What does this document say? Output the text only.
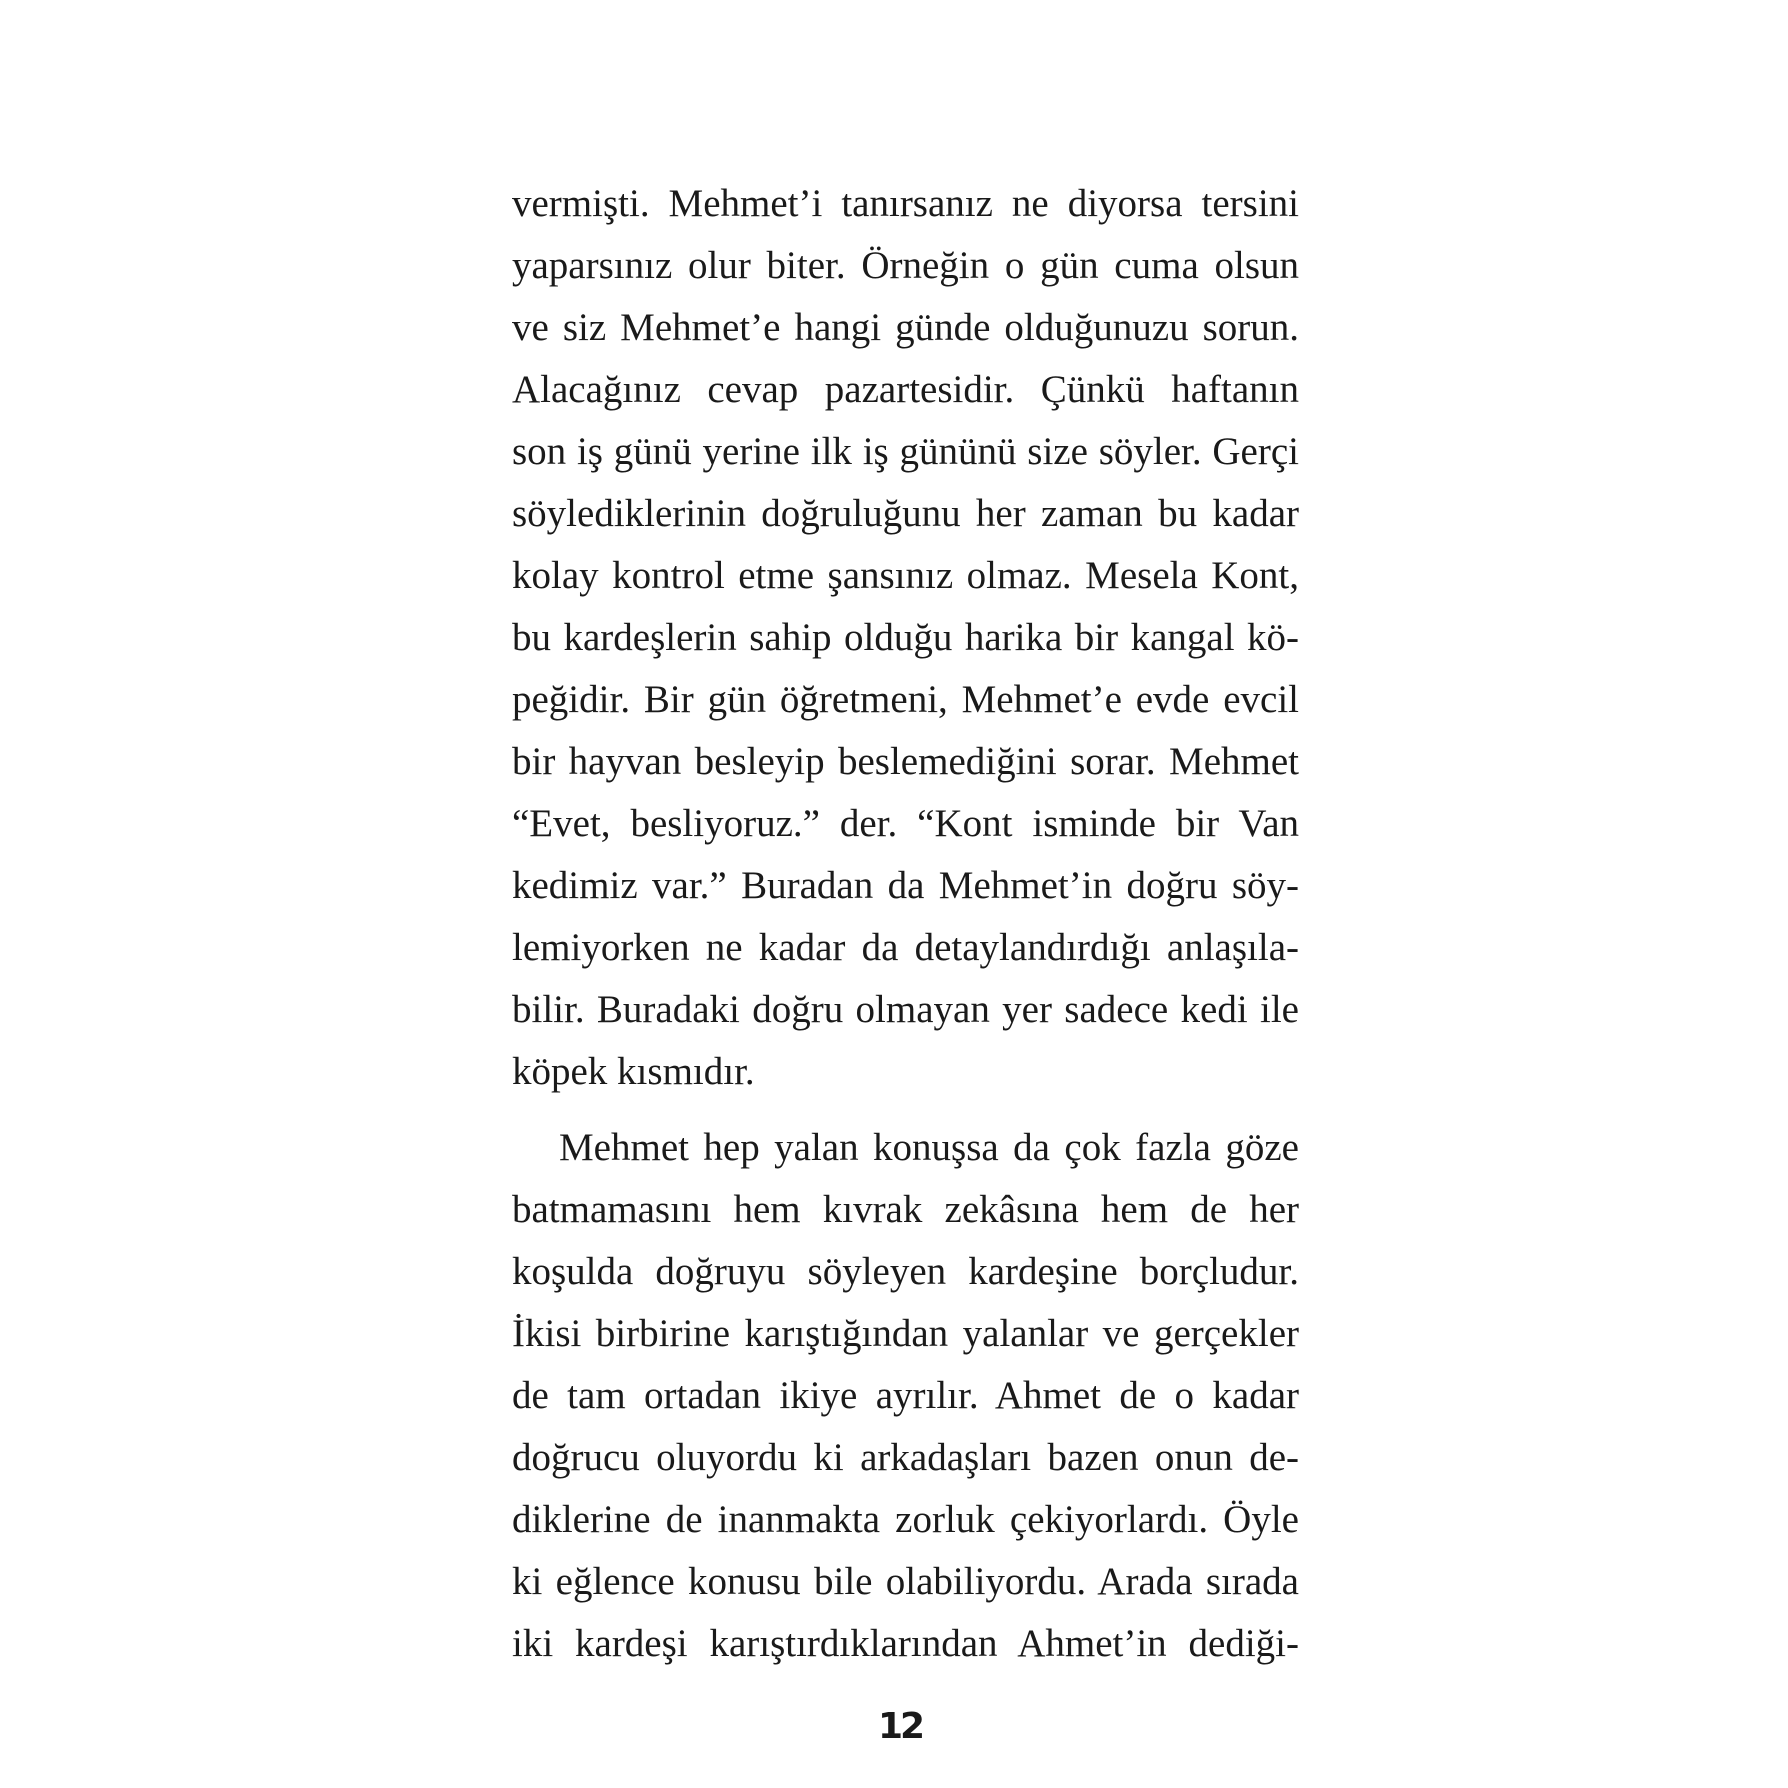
vermişti. Mehmet’i tanırsanız ne diyorsa tersini
yaparsınız olur biter. Örneğin o gün cuma olsun
ve siz Mehmet’e hangi günde olduğunuzu sorun.
Alacağınız cevap pazartesidir. Çünkü haftanın
son iş günü yerine ilk iş gününü size söyler. Gerçi
söylediklerinin doğruluğunu her zaman bu kadar
kolay kontrol etme şansınız olmaz. Mesela Kont,
bu kardeşlerin sahip olduğu harika bir kangal kö-
peğidir. Bir gün öğretmeni, Mehmet’e evde evcil
bir hayvan besleyip beslemediğini sorar. Mehmet
“Evet, besliyoruz.” der. “Kont isminde bir Van
kedimiz var.” Buradan da Mehmet’in doğru söy-
lemiyorken ne kadar da detaylandırdığı anlaşıla-
bilir. Buradaki doğru olmayan yer sadece kedi ile
köpek kısmıdır.
Mehmet hep yalan konuşsa da çok fazla göze
batmamasını hem kıvrak zekâsına hem de her
koşulda doğruyu söyleyen kardeşine borçludur.
İkisi birbirine karıştığından yalanlar ve gerçekler
de tam ortadan ikiye ayrılır. Ahmet de o kadar
doğrucu oluyordu ki arkadaşları bazen onun de-
diklerine de inanmakta zorluk çekiyorlardı. Öyle
ki eğlence konusu bile olabiliyordu. Arada sırada
iki kardeşi karıştırdıklarından Ahmet’in dediği-
12
